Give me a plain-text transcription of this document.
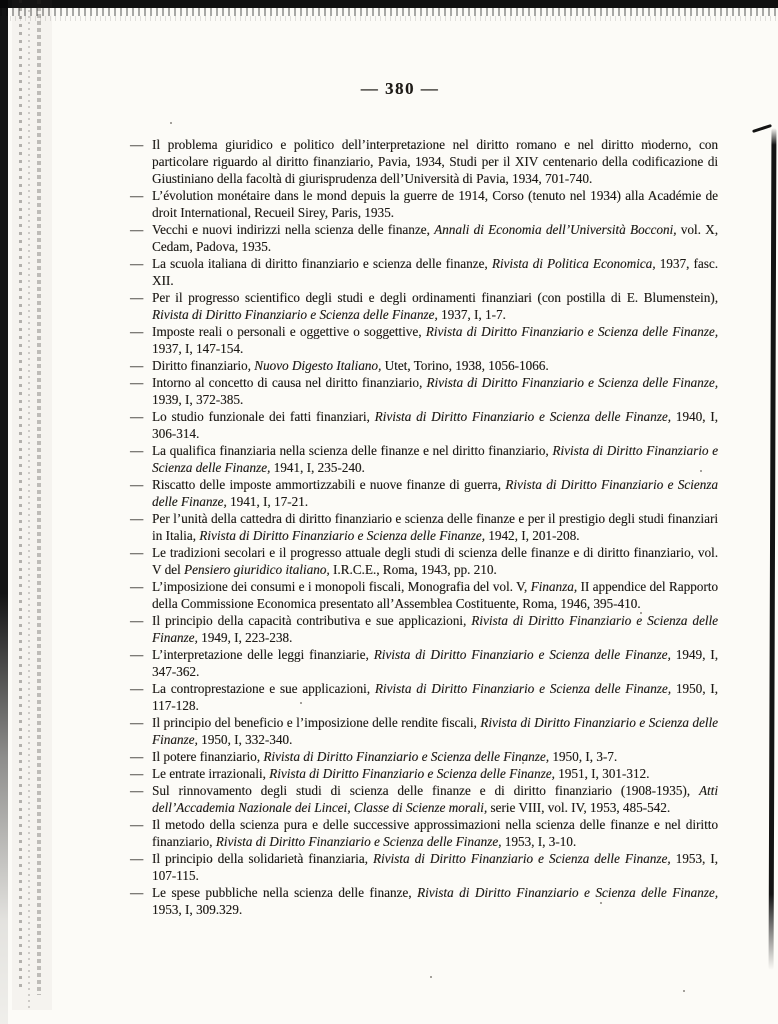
— 380 —
— Il problema giuridico e politico dell’interpretazione nel diritto romano e nel diritto moderno, con particolare riguardo al diritto finanziario, Pavia, 1934, Studi per il XIV centenario della codificazione di Giustiniano della facoltà di giurisprudenza dell’Università di Pavia, 1934, 701-740.
— L’évolution monétaire dans le mond depuis la guerre de 1914, Corso (tenuto nel 1934) alla Académie de droit International, Recueil Sirey, Paris, 1935.
— Vecchi e nuovi indirizzi nella scienza delle finanze, Annali di Economia dell’Università Bocconi, vol. X, Cedam, Padova, 1935.
— La scuola italiana di diritto finanziario e scienza delle finanze, Rivista di Politica Economica, 1937, fasc. XII.
— Per il progresso scientifico degli studi e degli ordinamenti finanziari (con postilla di E. Blumenstein), Rivista di Diritto Finanziario e Scienza delle Finanze, 1937, I, 1-7.
— Imposte reali o personali e oggettive o soggettive, Rivista di Diritto Finanziario e Scienza delle Finanze, 1937, I, 147-154.
— Diritto finanziario, Nuovo Digesto Italiano, Utet, Torino, 1938, 1056-1066.
— Intorno al concetto di causa nel diritto finanziario, Rivista di Diritto Finanziario e Scienza delle Finanze, 1939, I, 372-385.
— Lo studio funzionale dei fatti finanziari, Rivista di Diritto Finanziario e Scienza delle Finanze, 1940, I, 306-314.
— La qualifica finanziaria nella scienza delle finanze e nel diritto finanziario, Rivista di Diritto Finanziario e Scienza delle Finanze, 1941, I, 235-240.
— Riscatto delle imposte ammortizzabili e nuove finanze di guerra, Rivista di Diritto Finanziario e Scienza delle Finanze, 1941, I, 17-21.
— Per l’unità della cattedra di diritto finanziario e scienza delle finanze e per il prestigio degli studi finanziari in Italia, Rivista di Diritto Finanziario e Scienza delle Finanze, 1942, I, 201-208.
— Le tradizioni secolari e il progresso attuale degli studi di scienza delle finanze e di diritto finanziario, vol. V del Pensiero giuridico italiano, I.R.C.E., Roma, 1943, pp. 210.
— L’imposizione dei consumi e i monopoli fiscali, Monografia del vol. V, Finanza, II appendice del Rapporto della Commissione Economica presentato all’Assemblea Costituente, Roma, 1946, 395-410.
— Il principio della capacità contributiva e sue applicazioni, Rivista di Diritto Finanziario e Scienza delle Finanze, 1949, I, 223-238.
— L’interpretazione delle leggi finanziarie, Rivista di Diritto Finanziario e Scienza delle Finanze, 1949, I, 347-362.
— La controprestazione e sue applicazioni, Rivista di Diritto Finanziario e Scienza delle Finanze, 1950, I, 117-128.
— Il principio del beneficio e l’imposizione delle rendite fiscali, Rivista di Diritto Finanziario e Scienza delle Finanze, 1950, I, 332-340.
— Il potere finanziario, Rivista di Diritto Finanziario e Scienza delle Finanze, 1950, I, 3-7.
— Le entrate irrazionali, Rivista di Diritto Finanziario e Scienza delle Finanze, 1951, I, 301-312.
— Sul rinnovamento degli studi di scienza delle finanze e di diritto finanziario (1908-1935), Atti dell’Accademia Nazionale dei Lincei, Classe di Scienze morali, serie VIII, vol. IV, 1953, 485-542.
— Il metodo della scienza pura e delle successive approssimazioni nella scienza delle finanze e nel diritto finanziario, Rivista di Diritto Finanziario e Scienza delle Finanze, 1953, I, 3-10.
— Il principio della solidarietà finanziaria, Rivista di Diritto Finanziario e Scienza delle Finanze, 1953, I, 107-115.
— Le spese pubbliche nella scienza delle finanze, Rivista di Diritto Finanziario e Scienza delle Finanze, 1953, I, 309.329.
